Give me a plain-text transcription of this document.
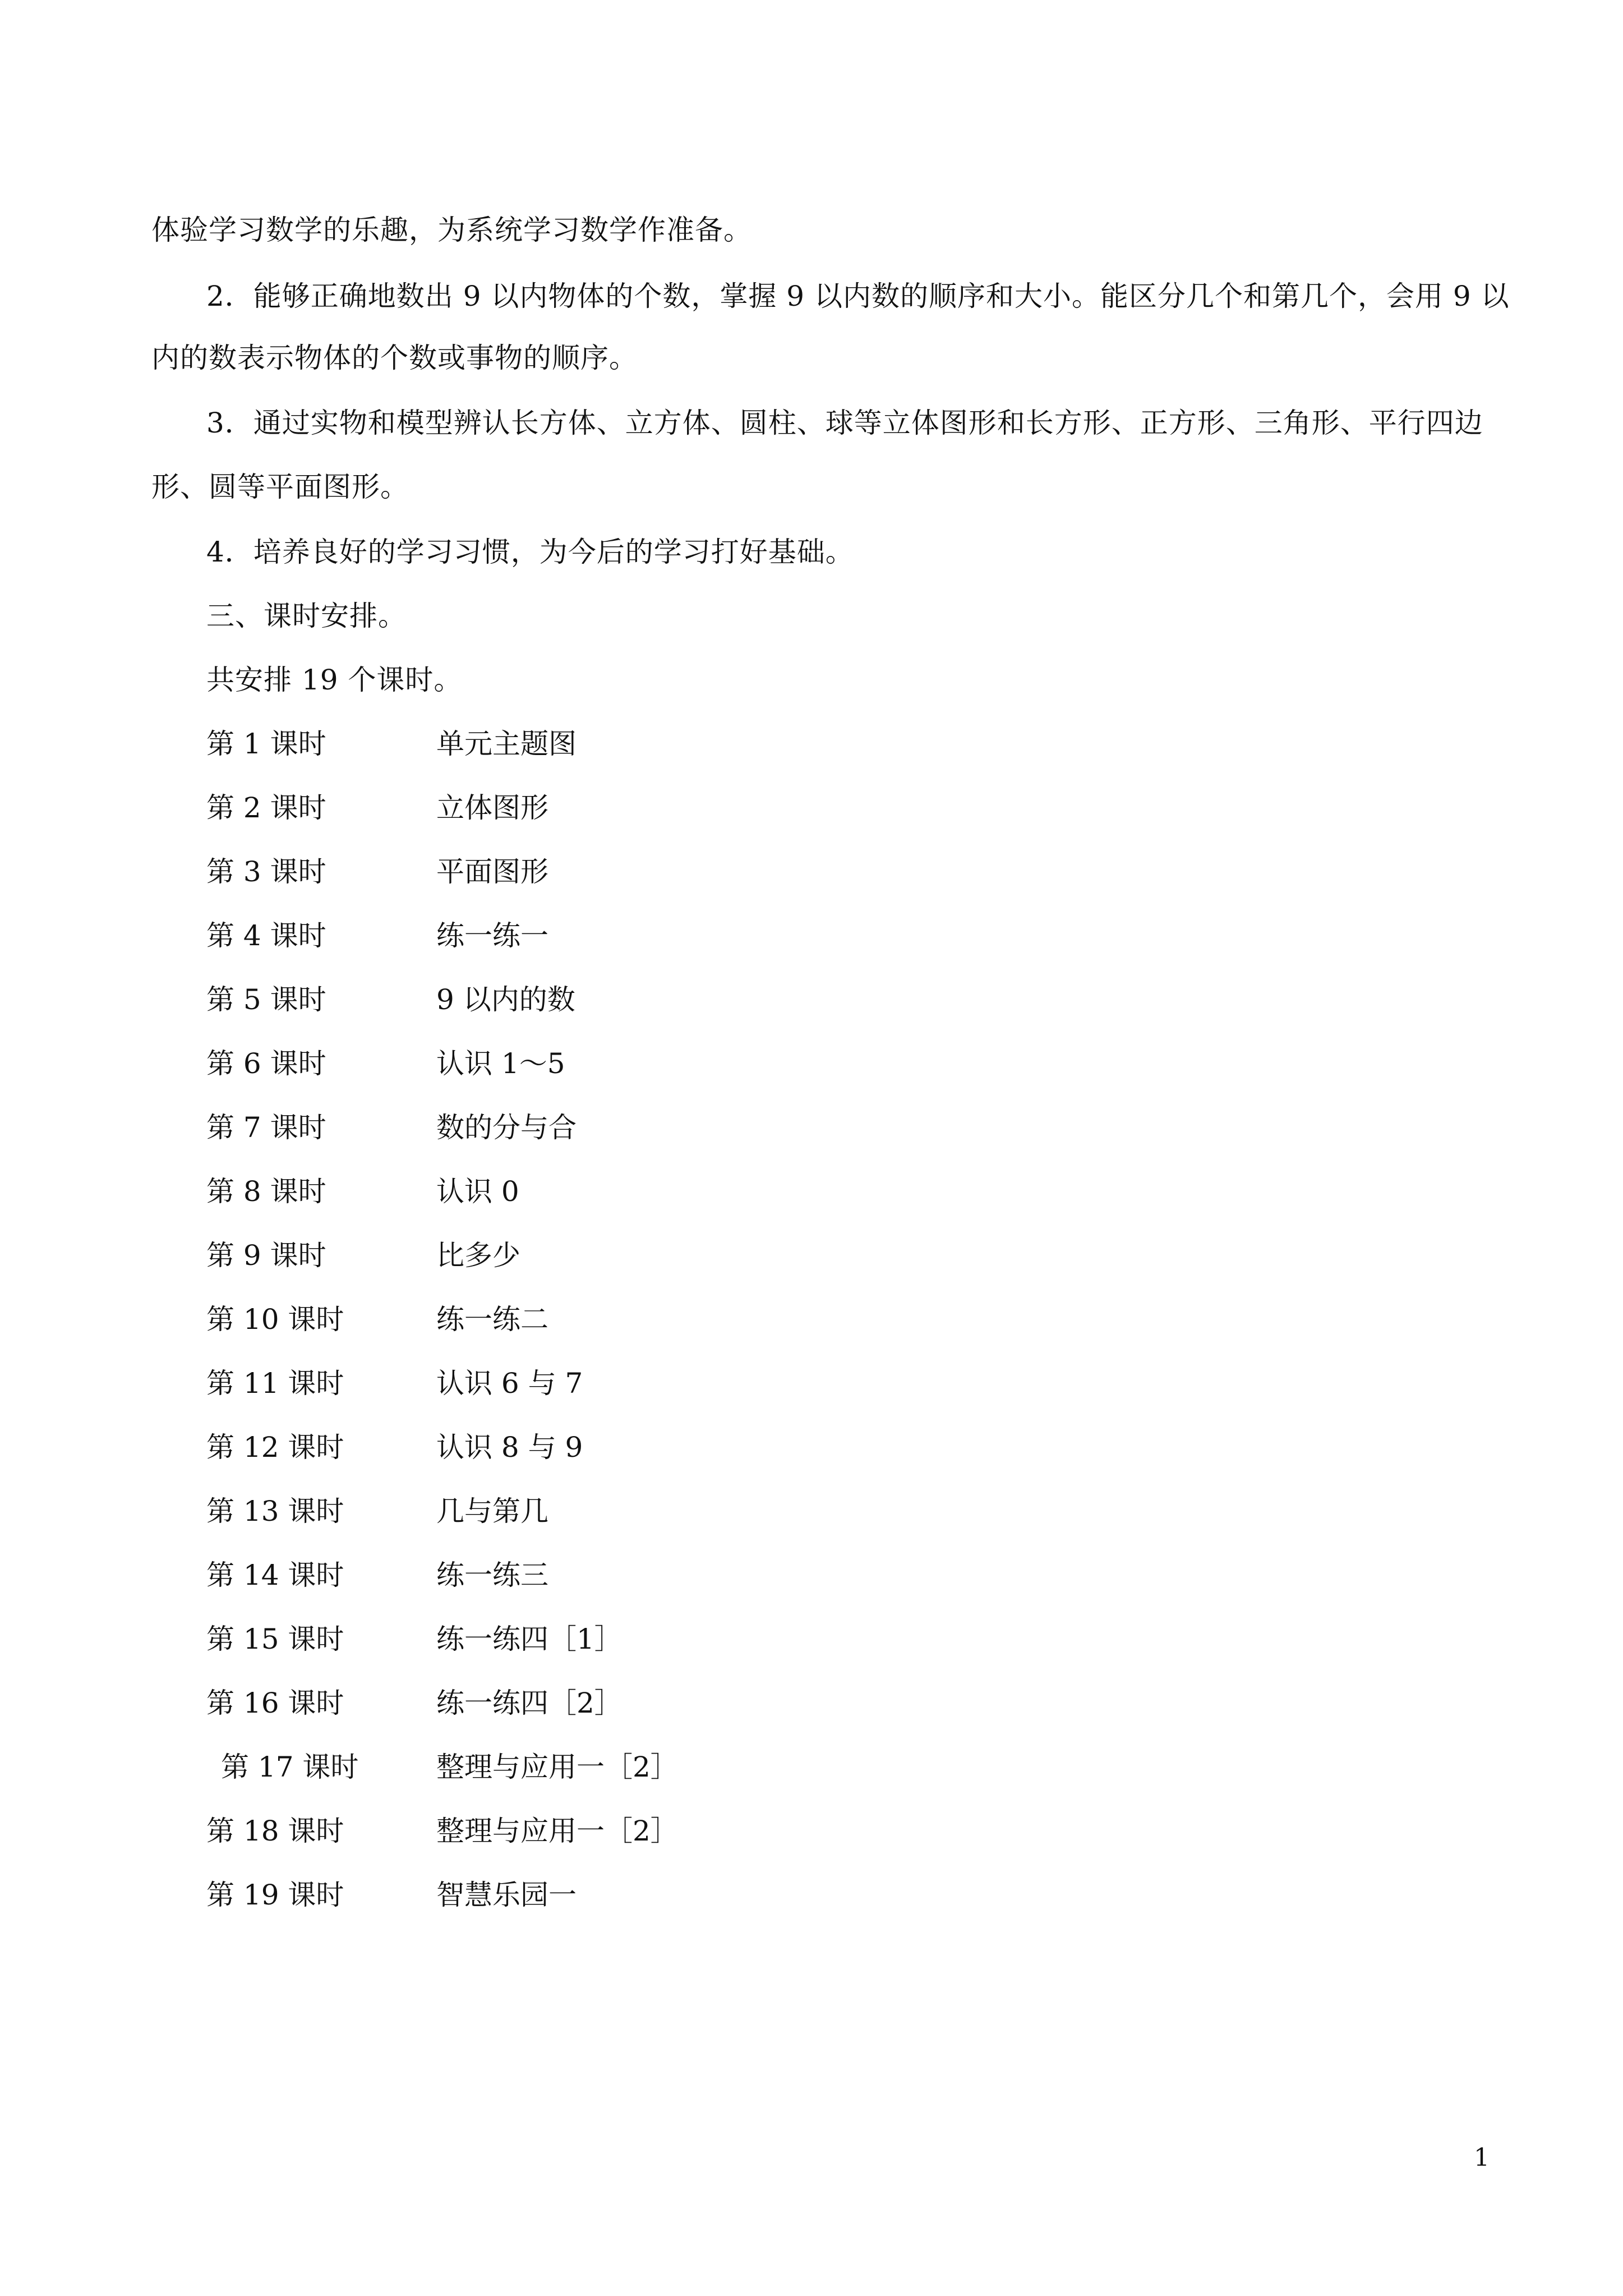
体验学习数学的乐趣，为系统学习数学作准备。
2．能够正确地数出 9 以内物体的个数，掌握 9 以内数的顺序和大小。能区分几个和第几个，会用 9 以
内的数表示物体的个数或事物的顺序。
3．通过实物和模型辨认长方体、立方体、圆柱、球等立体图形和长方形、正方形、三角形、平行四边
形、圆等平面图形。
4．培养良好的学习习惯，为今后的学习打好基础。
三、课时安排。
共安排 19 个课时。
第 1 课时	单元主题图
第 2 课时	立体图形
第 3 课时	平面图形
第 4 课时	练一练一
第 5 课时	9 以内的数
第 6 课时	认识 1～5
第 7 课时	数的分与合
第 8 课时	认识 0
第 9 课时	比多少
第 10 课时	练一练二
第 11 课时	认识 6 与 7
第 12 课时	认识 8 与 9
第 13 课时	几与第几
第 14 课时	练一练三
第 15 课时	练一练四［1］
第 16 课时	练一练四［2］
第 17 课时	整理与应用一［2］
第 18 课时	整理与应用一［2］
第 19 课时	智慧乐园一
1
